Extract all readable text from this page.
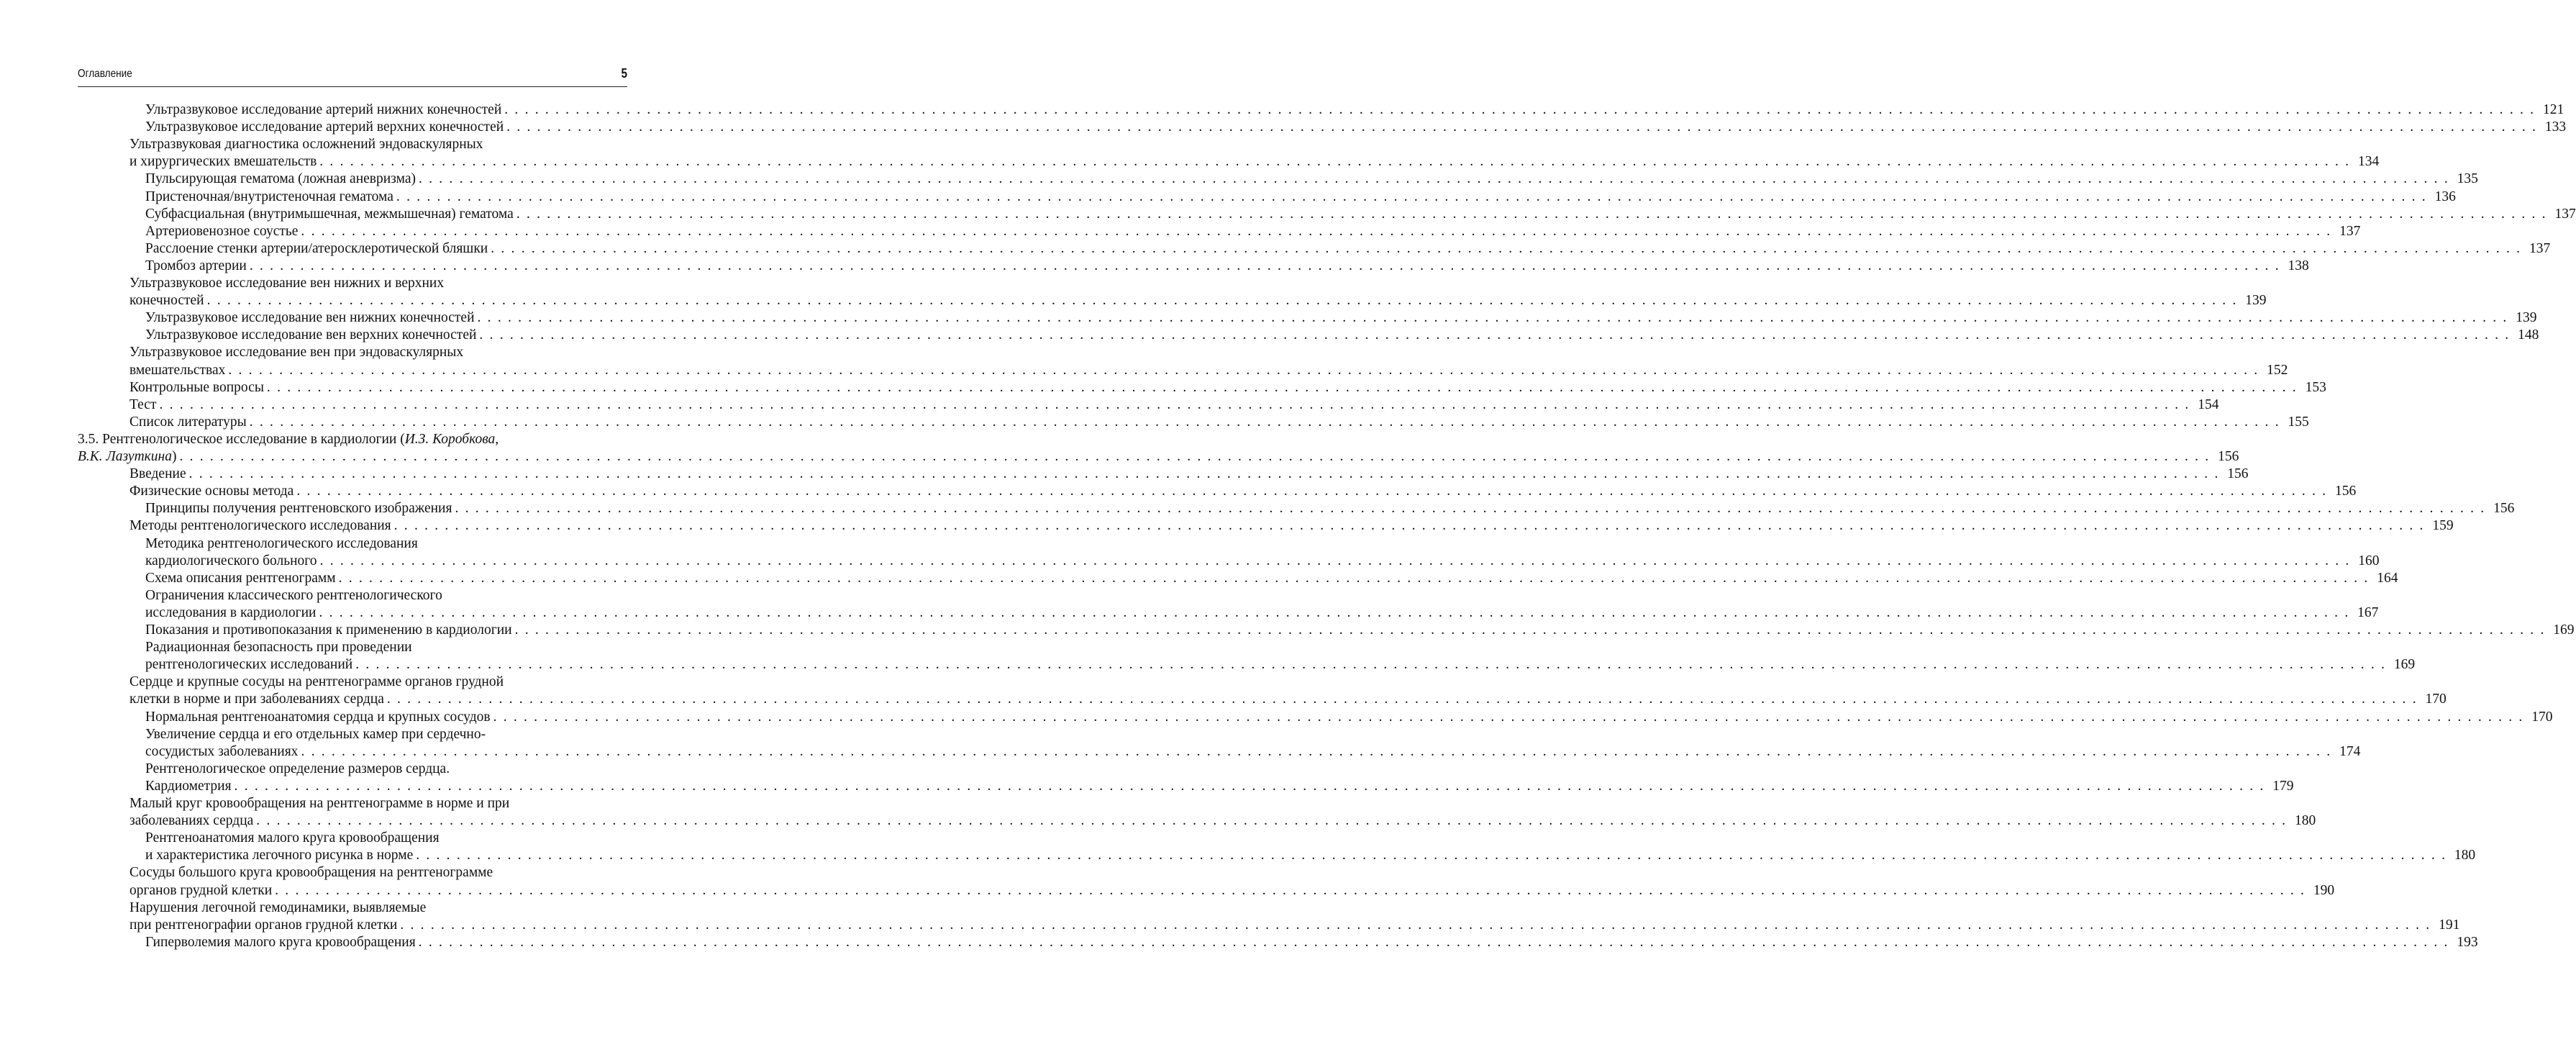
Оглавление	5
Ультразвуковое исследование артерий нижних конечностей . . . . . . . . . . . . . . . . . . . . . . . . . . . . . . . . . . . . . . . . . . . . . . . . . . . . . . . . . . . . . . . . . . . . . . . . . . . . . . . . . . . . . . . . . . . . . . . . . . . . . . . . . . . . . . . . . . . . . . . . . . . . . . . . . . . . . . . . . . . . . . . . . . . . . . . . . . . . . . . . . . . . . . . . . . . . . . . . . . . . . . . . . . . . . . . . . . . . . . . . 121
Ультразвуковое исследование артерий верхних конечностей . . . . . . . . . . . . . . . . . . . . . . . . . . . . . . . . . . . . . . . . . . . . . . . . . . . . . . . . . . . . . . . . . . . . . . . . . . . . . . . . . . . . . . . . . . . . . . . . . . . . . . . . . . . . . . . . . . . . . . . . . . . . . . . . . . . . . . . . . . . . . . . . . . . . . . . . . . . . . . . . . . . . . . . . . . . . . . . . . . . . . . . . . . . . . . . . . . . . . . . . 133
Ультразвуковая диагностика осложнений эндоваскулярных
и хирургических вмешательств . . . . . . . . . . . . . . . . . . . . . . . . . . . . . . . . . . . . . . . . . . . . . . . . . . . . . . . . . . . . . . . . . . . . . . . . . . . . . . . . . . . . . . . . . . . . . . . . . . . . . . . . . . . . . . . . . . . . . . . . . . . . . . . . . . . . . . . . . . . . . . . . . . . . . . . . . . . . . . . . . . . . . . . . . . . . . . . . . . . . . . . . . . . . . . . . . . . . . . . . 134
Пульсирующая гематома (ложная аневризма) . . . . . . . . . . . . . . . . . . . . . . . . . . . . . . . . . . . . . . . . . . . . . . . . . . . . . . . . . . . . . . . . . . . . . . . . . . . . . . . . . . . . . . . . . . . . . . . . . . . . . . . . . . . . . . . . . . . . . . . . . . . . . . . . . . . . . . . . . . . . . . . . . . . . . . . . . . . . . . . . . . . . . . . . . . . . . . . . . . . . . . . . . . . . . . . . . . . . . . . . 135
Пристеночная/внутристеночная гематома . . . . . . . . . . . . . . . . . . . . . . . . . . . . . . . . . . . . . . . . . . . . . . . . . . . . . . . . . . . . . . . . . . . . . . . . . . . . . . . . . . . . . . . . . . . . . . . . . . . . . . . . . . . . . . . . . . . . . . . . . . . . . . . . . . . . . . . . . . . . . . . . . . . . . . . . . . . . . . . . . . . . . . . . . . . . . . . . . . . . . . . . . . . . . . . . . . . . . . . . 136
Субфасциальная (внутримышечная, межмышечная) гематома . . . . . . . . . . . . . . . . . . . . . . . . . . . . . . . . . . . . . . . . . . . . . . . . . . . . . . . . . . . . . . . . . . . . . . . . . . . . . . . . . . . . . . . . . . . . . . . . . . . . . . . . . . . . . . . . . . . . . . . . . . . . . . . . . . . . . . . . . . . . . . . . . . . . . . . . . . . . . . . . . . . . . . . . . . . . . . . . . . . . . . . . . . . . . . . . . . . . . . . . 137
Артериовенозное соустье . . . . . . . . . . . . . . . . . . . . . . . . . . . . . . . . . . . . . . . . . . . . . . . . . . . . . . . . . . . . . . . . . . . . . . . . . . . . . . . . . . . . . . . . . . . . . . . . . . . . . . . . . . . . . . . . . . . . . . . . . . . . . . . . . . . . . . . . . . . . . . . . . . . . . . . . . . . . . . . . . . . . . . . . . . . . . . . . . . . . . . . . . . . . . . . . . . . . . . . . 137
Расслоение стенки артерии/атеросклеротической бляшки . . . . . . . . . . . . . . . . . . . . . . . . . . . . . . . . . . . . . . . . . . . . . . . . . . . . . . . . . . . . . . . . . . . . . . . . . . . . . . . . . . . . . . . . . . . . . . . . . . . . . . . . . . . . . . . . . . . . . . . . . . . . . . . . . . . . . . . . . . . . . . . . . . . . . . . . . . . . . . . . . . . . . . . . . . . . . . . . . . . . . . . . . . . . . . . . . . . . . . . . 137
Тромбоз артерии . . . . . . . . . . . . . . . . . . . . . . . . . . . . . . . . . . . . . . . . . . . . . . . . . . . . . . . . . . . . . . . . . . . . . . . . . . . . . . . . . . . . . . . . . . . . . . . . . . . . . . . . . . . . . . . . . . . . . . . . . . . . . . . . . . . . . . . . . . . . . . . . . . . . . . . . . . . . . . . . . . . . . . . . . . . . . . . . . . . . . . . . . . . . . . . . . . . . . . . . 138
Ультразвуковое исследование вен нижних и верхних
конечностей . . . . . . . . . . . . . . . . . . . . . . . . . . . . . . . . . . . . . . . . . . . . . . . . . . . . . . . . . . . . . . . . . . . . . . . . . . . . . . . . . . . . . . . . . . . . . . . . . . . . . . . . . . . . . . . . . . . . . . . . . . . . . . . . . . . . . . . . . . . . . . . . . . . . . . . . . . . . . . . . . . . . . . . . . . . . . . . . . . . . . . . . . . . . . . . . . . . . . . . . 139
Ультразвуковое исследование вен нижних конечностей . . . . . . . . . . . . . . . . . . . . . . . . . . . . . . . . . . . . . . . . . . . . . . . . . . . . . . . . . . . . . . . . . . . . . . . . . . . . . . . . . . . . . . . . . . . . . . . . . . . . . . . . . . . . . . . . . . . . . . . . . . . . . . . . . . . . . . . . . . . . . . . . . . . . . . . . . . . . . . . . . . . . . . . . . . . . . . . . . . . . . . . . . . . . . . . . . . . . . . . . 139
Ультразвуковое исследование вен верхних конечностей . . . . . . . . . . . . . . . . . . . . . . . . . . . . . . . . . . . . . . . . . . . . . . . . . . . . . . . . . . . . . . . . . . . . . . . . . . . . . . . . . . . . . . . . . . . . . . . . . . . . . . . . . . . . . . . . . . . . . . . . . . . . . . . . . . . . . . . . . . . . . . . . . . . . . . . . . . . . . . . . . . . . . . . . . . . . . . . . . . . . . . . . . . . . . . . . . . . . . . . . 148
Ультразвуковое исследование вен при эндоваскулярных
вмешательствах . . . . . . . . . . . . . . . . . . . . . . . . . . . . . . . . . . . . . . . . . . . . . . . . . . . . . . . . . . . . . . . . . . . . . . . . . . . . . . . . . . . . . . . . . . . . . . . . . . . . . . . . . . . . . . . . . . . . . . . . . . . . . . . . . . . . . . . . . . . . . . . . . . . . . . . . . . . . . . . . . . . . . . . . . . . . . . . . . . . . . . . . . . . . . . . . . . . . . . . . 152
Контрольные вопросы . . . . . . . . . . . . . . . . . . . . . . . . . . . . . . . . . . . . . . . . . . . . . . . . . . . . . . . . . . . . . . . . . . . . . . . . . . . . . . . . . . . . . . . . . . . . . . . . . . . . . . . . . . . . . . . . . . . . . . . . . . . . . . . . . . . . . . . . . . . . . . . . . . . . . . . . . . . . . . . . . . . . . . . . . . . . . . . . . . . . . . . . . . . . . . . . . . . . . . . . 153
Тест . . . . . . . . . . . . . . . . . . . . . . . . . . . . . . . . . . . . . . . . . . . . . . . . . . . . . . . . . . . . . . . . . . . . . . . . . . . . . . . . . . . . . . . . . . . . . . . . . . . . . . . . . . . . . . . . . . . . . . . . . . . . . . . . . . . . . . . . . . . . . . . . . . . . . . . . . . . . . . . . . . . . . . . . . . . . . . . . . . . . . . . . . . . . . . . . . . . . . . . . 154
Список литературы . . . . . . . . . . . . . . . . . . . . . . . . . . . . . . . . . . . . . . . . . . . . . . . . . . . . . . . . . . . . . . . . . . . . . . . . . . . . . . . . . . . . . . . . . . . . . . . . . . . . . . . . . . . . . . . . . . . . . . . . . . . . . . . . . . . . . . . . . . . . . . . . . . . . . . . . . . . . . . . . . . . . . . . . . . . . . . . . . . . . . . . . . . . . . . . . . . . . . . . . 155
3.5. Рентгенологическое исследование в кардиологии (И.З. Коробкова,
В.К. Лазуткина) . . . . . . . . . . . . . . . . . . . . . . . . . . . . . . . . . . . . . . . . . . . . . . . . . . . . . . . . . . . . . . . . . . . . . . . . . . . . . . . . . . . . . . . . . . . . . . . . . . . . . . . . . . . . . . . . . . . . . . . . . . . . . . . . . . . . . . . . . . . . . . . . . . . . . . . . . . . . . . . . . . . . . . . . . . . . . . . . . . . . . . . . . . . . . . . . . . . . . . . . 156
Введение . . . . . . . . . . . . . . . . . . . . . . . . . . . . . . . . . . . . . . . . . . . . . . . . . . . . . . . . . . . . . . . . . . . . . . . . . . . . . . . . . . . . . . . . . . . . . . . . . . . . . . . . . . . . . . . . . . . . . . . . . . . . . . . . . . . . . . . . . . . . . . . . . . . . . . . . . . . . . . . . . . . . . . . . . . . . . . . . . . . . . . . . . . . . . . . . . . . . . . . . 156
Физические основы метода . . . . . . . . . . . . . . . . . . . . . . . . . . . . . . . . . . . . . . . . . . . . . . . . . . . . . . . . . . . . . . . . . . . . . . . . . . . . . . . . . . . . . . . . . . . . . . . . . . . . . . . . . . . . . . . . . . . . . . . . . . . . . . . . . . . . . . . . . . . . . . . . . . . . . . . . . . . . . . . . . . . . . . . . . . . . . . . . . . . . . . . . . . . . . . . . . . . . . . . . 156
Принципы получения рентгеновского изображения . . . . . . . . . . . . . . . . . . . . . . . . . . . . . . . . . . . . . . . . . . . . . . . . . . . . . . . . . . . . . . . . . . . . . . . . . . . . . . . . . . . . . . . . . . . . . . . . . . . . . . . . . . . . . . . . . . . . . . . . . . . . . . . . . . . . . . . . . . . . . . . . . . . . . . . . . . . . . . . . . . . . . . . . . . . . . . . . . . . . . . . . . . . . . . . . . . . . . . . . 156
Методы рентгенологического исследования . . . . . . . . . . . . . . . . . . . . . . . . . . . . . . . . . . . . . . . . . . . . . . . . . . . . . . . . . . . . . . . . . . . . . . . . . . . . . . . . . . . . . . . . . . . . . . . . . . . . . . . . . . . . . . . . . . . . . . . . . . . . . . . . . . . . . . . . . . . . . . . . . . . . . . . . . . . . . . . . . . . . . . . . . . . . . . . . . . . . . . . . . . . . . . . . . . . . . . . . 159
Методика рентгенологического исследования
кардиологического больного . . . . . . . . . . . . . . . . . . . . . . . . . . . . . . . . . . . . . . . . . . . . . . . . . . . . . . . . . . . . . . . . . . . . . . . . . . . . . . . . . . . . . . . . . . . . . . . . . . . . . . . . . . . . . . . . . . . . . . . . . . . . . . . . . . . . . . . . . . . . . . . . . . . . . . . . . . . . . . . . . . . . . . . . . . . . . . . . . . . . . . . . . . . . . . . . . . . . . . . . 160
Схема описания рентгенограмм . . . . . . . . . . . . . . . . . . . . . . . . . . . . . . . . . . . . . . . . . . . . . . . . . . . . . . . . . . . . . . . . . . . . . . . . . . . . . . . . . . . . . . . . . . . . . . . . . . . . . . . . . . . . . . . . . . . . . . . . . . . . . . . . . . . . . . . . . . . . . . . . . . . . . . . . . . . . . . . . . . . . . . . . . . . . . . . . . . . . . . . . . . . . . . . . . . . . . . . . 164
Ограничения классического рентгенологического
исследования в кардиологии . . . . . . . . . . . . . . . . . . . . . . . . . . . . . . . . . . . . . . . . . . . . . . . . . . . . . . . . . . . . . . . . . . . . . . . . . . . . . . . . . . . . . . . . . . . . . . . . . . . . . . . . . . . . . . . . . . . . . . . . . . . . . . . . . . . . . . . . . . . . . . . . . . . . . . . . . . . . . . . . . . . . . . . . . . . . . . . . . . . . . . . . . . . . . . . . . . . . . . . . 167
Показания и противопоказания к применению в кардиологии . . . . . . . . . . . . . . . . . . . . . . . . . . . . . . . . . . . . . . . . . . . . . . . . . . . . . . . . . . . . . . . . . . . . . . . . . . . . . . . . . . . . . . . . . . . . . . . . . . . . . . . . . . . . . . . . . . . . . . . . . . . . . . . . . . . . . . . . . . . . . . . . . . . . . . . . . . . . . . . . . . . . . . . . . . . . . . . . . . . . . . . . . . . . . . . . . . . . . . . . 169
Радиационная безопасность при проведении
рентгенологических исследований . . . . . . . . . . . . . . . . . . . . . . . . . . . . . . . . . . . . . . . . . . . . . . . . . . . . . . . . . . . . . . . . . . . . . . . . . . . . . . . . . . . . . . . . . . . . . . . . . . . . . . . . . . . . . . . . . . . . . . . . . . . . . . . . . . . . . . . . . . . . . . . . . . . . . . . . . . . . . . . . . . . . . . . . . . . . . . . . . . . . . . . . . . . . . . . . . . . . . . . . 169
Сердце и крупные сосуды на рентгенограмме органов грудной
клетки в норме и при заболеваниях сердца . . . . . . . . . . . . . . . . . . . . . . . . . . . . . . . . . . . . . . . . . . . . . . . . . . . . . . . . . . . . . . . . . . . . . . . . . . . . . . . . . . . . . . . . . . . . . . . . . . . . . . . . . . . . . . . . . . . . . . . . . . . . . . . . . . . . . . . . . . . . . . . . . . . . . . . . . . . . . . . . . . . . . . . . . . . . . . . . . . . . . . . . . . . . . . . . . . . . . . . . 170
Нормальная рентгеноанатомия сердца и крупных сосудов . . . . . . . . . . . . . . . . . . . . . . . . . . . . . . . . . . . . . . . . . . . . . . . . . . . . . . . . . . . . . . . . . . . . . . . . . . . . . . . . . . . . . . . . . . . . . . . . . . . . . . . . . . . . . . . . . . . . . . . . . . . . . . . . . . . . . . . . . . . . . . . . . . . . . . . . . . . . . . . . . . . . . . . . . . . . . . . . . . . . . . . . . . . . . . . . . . . . . . . . 170
Увеличение сердца и его отдельных камер при сердечно-
сосудистых заболеваниях . . . . . . . . . . . . . . . . . . . . . . . . . . . . . . . . . . . . . . . . . . . . . . . . . . . . . . . . . . . . . . . . . . . . . . . . . . . . . . . . . . . . . . . . . . . . . . . . . . . . . . . . . . . . . . . . . . . . . . . . . . . . . . . . . . . . . . . . . . . . . . . . . . . . . . . . . . . . . . . . . . . . . . . . . . . . . . . . . . . . . . . . . . . . . . . . . . . . . . . . 174
Рентгенологическое определение размеров сердца.
Кардиометрия . . . . . . . . . . . . . . . . . . . . . . . . . . . . . . . . . . . . . . . . . . . . . . . . . . . . . . . . . . . . . . . . . . . . . . . . . . . . . . . . . . . . . . . . . . . . . . . . . . . . . . . . . . . . . . . . . . . . . . . . . . . . . . . . . . . . . . . . . . . . . . . . . . . . . . . . . . . . . . . . . . . . . . . . . . . . . . . . . . . . . . . . . . . . . . . . . . . . . . . . 179
Малый круг кровообращения на рентгенограмме в норме и при
заболеваниях сердца . . . . . . . . . . . . . . . . . . . . . . . . . . . . . . . . . . . . . . . . . . . . . . . . . . . . . . . . . . . . . . . . . . . . . . . . . . . . . . . . . . . . . . . . . . . . . . . . . . . . . . . . . . . . . . . . . . . . . . . . . . . . . . . . . . . . . . . . . . . . . . . . . . . . . . . . . . . . . . . . . . . . . . . . . . . . . . . . . . . . . . . . . . . . . . . . . . . . . . . . 180
Рентгеноанатомия малого круга кровообращения
и характеристика легочного рисунка в норме . . . . . . . . . . . . . . . . . . . . . . . . . . . . . . . . . . . . . . . . . . . . . . . . . . . . . . . . . . . . . . . . . . . . . . . . . . . . . . . . . . . . . . . . . . . . . . . . . . . . . . . . . . . . . . . . . . . . . . . . . . . . . . . . . . . . . . . . . . . . . . . . . . . . . . . . . . . . . . . . . . . . . . . . . . . . . . . . . . . . . . . . . . . . . . . . . . . . . . . . 180
Сосуды большого круга кровообращения на рентгенограмме
органов грудной клетки . . . . . . . . . . . . . . . . . . . . . . . . . . . . . . . . . . . . . . . . . . . . . . . . . . . . . . . . . . . . . . . . . . . . . . . . . . . . . . . . . . . . . . . . . . . . . . . . . . . . . . . . . . . . . . . . . . . . . . . . . . . . . . . . . . . . . . . . . . . . . . . . . . . . . . . . . . . . . . . . . . . . . . . . . . . . . . . . . . . . . . . . . . . . . . . . . . . . . . . . 190
Нарушения легочной гемодинамики, выявляемые
при рентгенографии органов грудной клетки . . . . . . . . . . . . . . . . . . . . . . . . . . . . . . . . . . . . . . . . . . . . . . . . . . . . . . . . . . . . . . . . . . . . . . . . . . . . . . . . . . . . . . . . . . . . . . . . . . . . . . . . . . . . . . . . . . . . . . . . . . . . . . . . . . . . . . . . . . . . . . . . . . . . . . . . . . . . . . . . . . . . . . . . . . . . . . . . . . . . . . . . . . . . . . . . . . . . . . . . 191
Гиперволемия малого круга кровообращения . . . . . . . . . . . . . . . . . . . . . . . . . . . . . . . . . . . . . . . . . . . . . . . . . . . . . . . . . . . . . . . . . . . . . . . . . . . . . . . . . . . . . . . . . . . . . . . . . . . . . . . . . . . . . . . . . . . . . . . . . . . . . . . . . . . . . . . . . . . . . . . . . . . . . . . . . . . . . . . . . . . . . . . . . . . . . . . . . . . . . . . . . . . . . . . . . . . . . . . . 193
